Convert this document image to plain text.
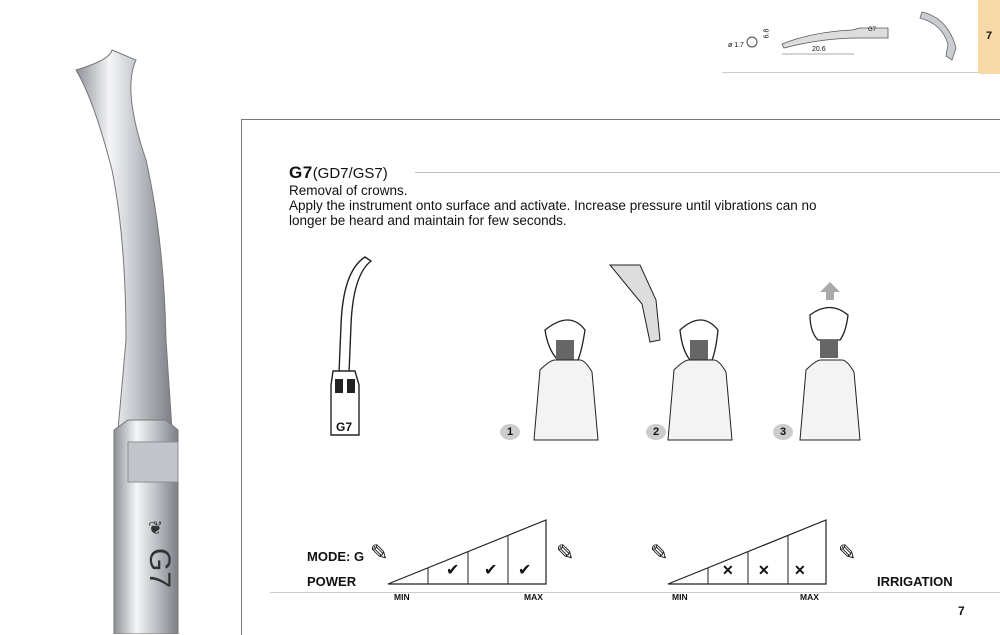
❦
G7
ø 1.7
6.8
20.6
G7	7
G7(GD7/GS7)
Removal of crowns.
Apply the instrument onto surface and activate. Increase pressure until vibrations can no
longer be heard and maintain for few seconds.
G7	1	2	3
MODE: G
POWER
✔ ✔ ✔
MIN	MAX
✎	✎
✕ ✕ ✕
MIN	MAX
✎	✎
IRRIGATION
7
